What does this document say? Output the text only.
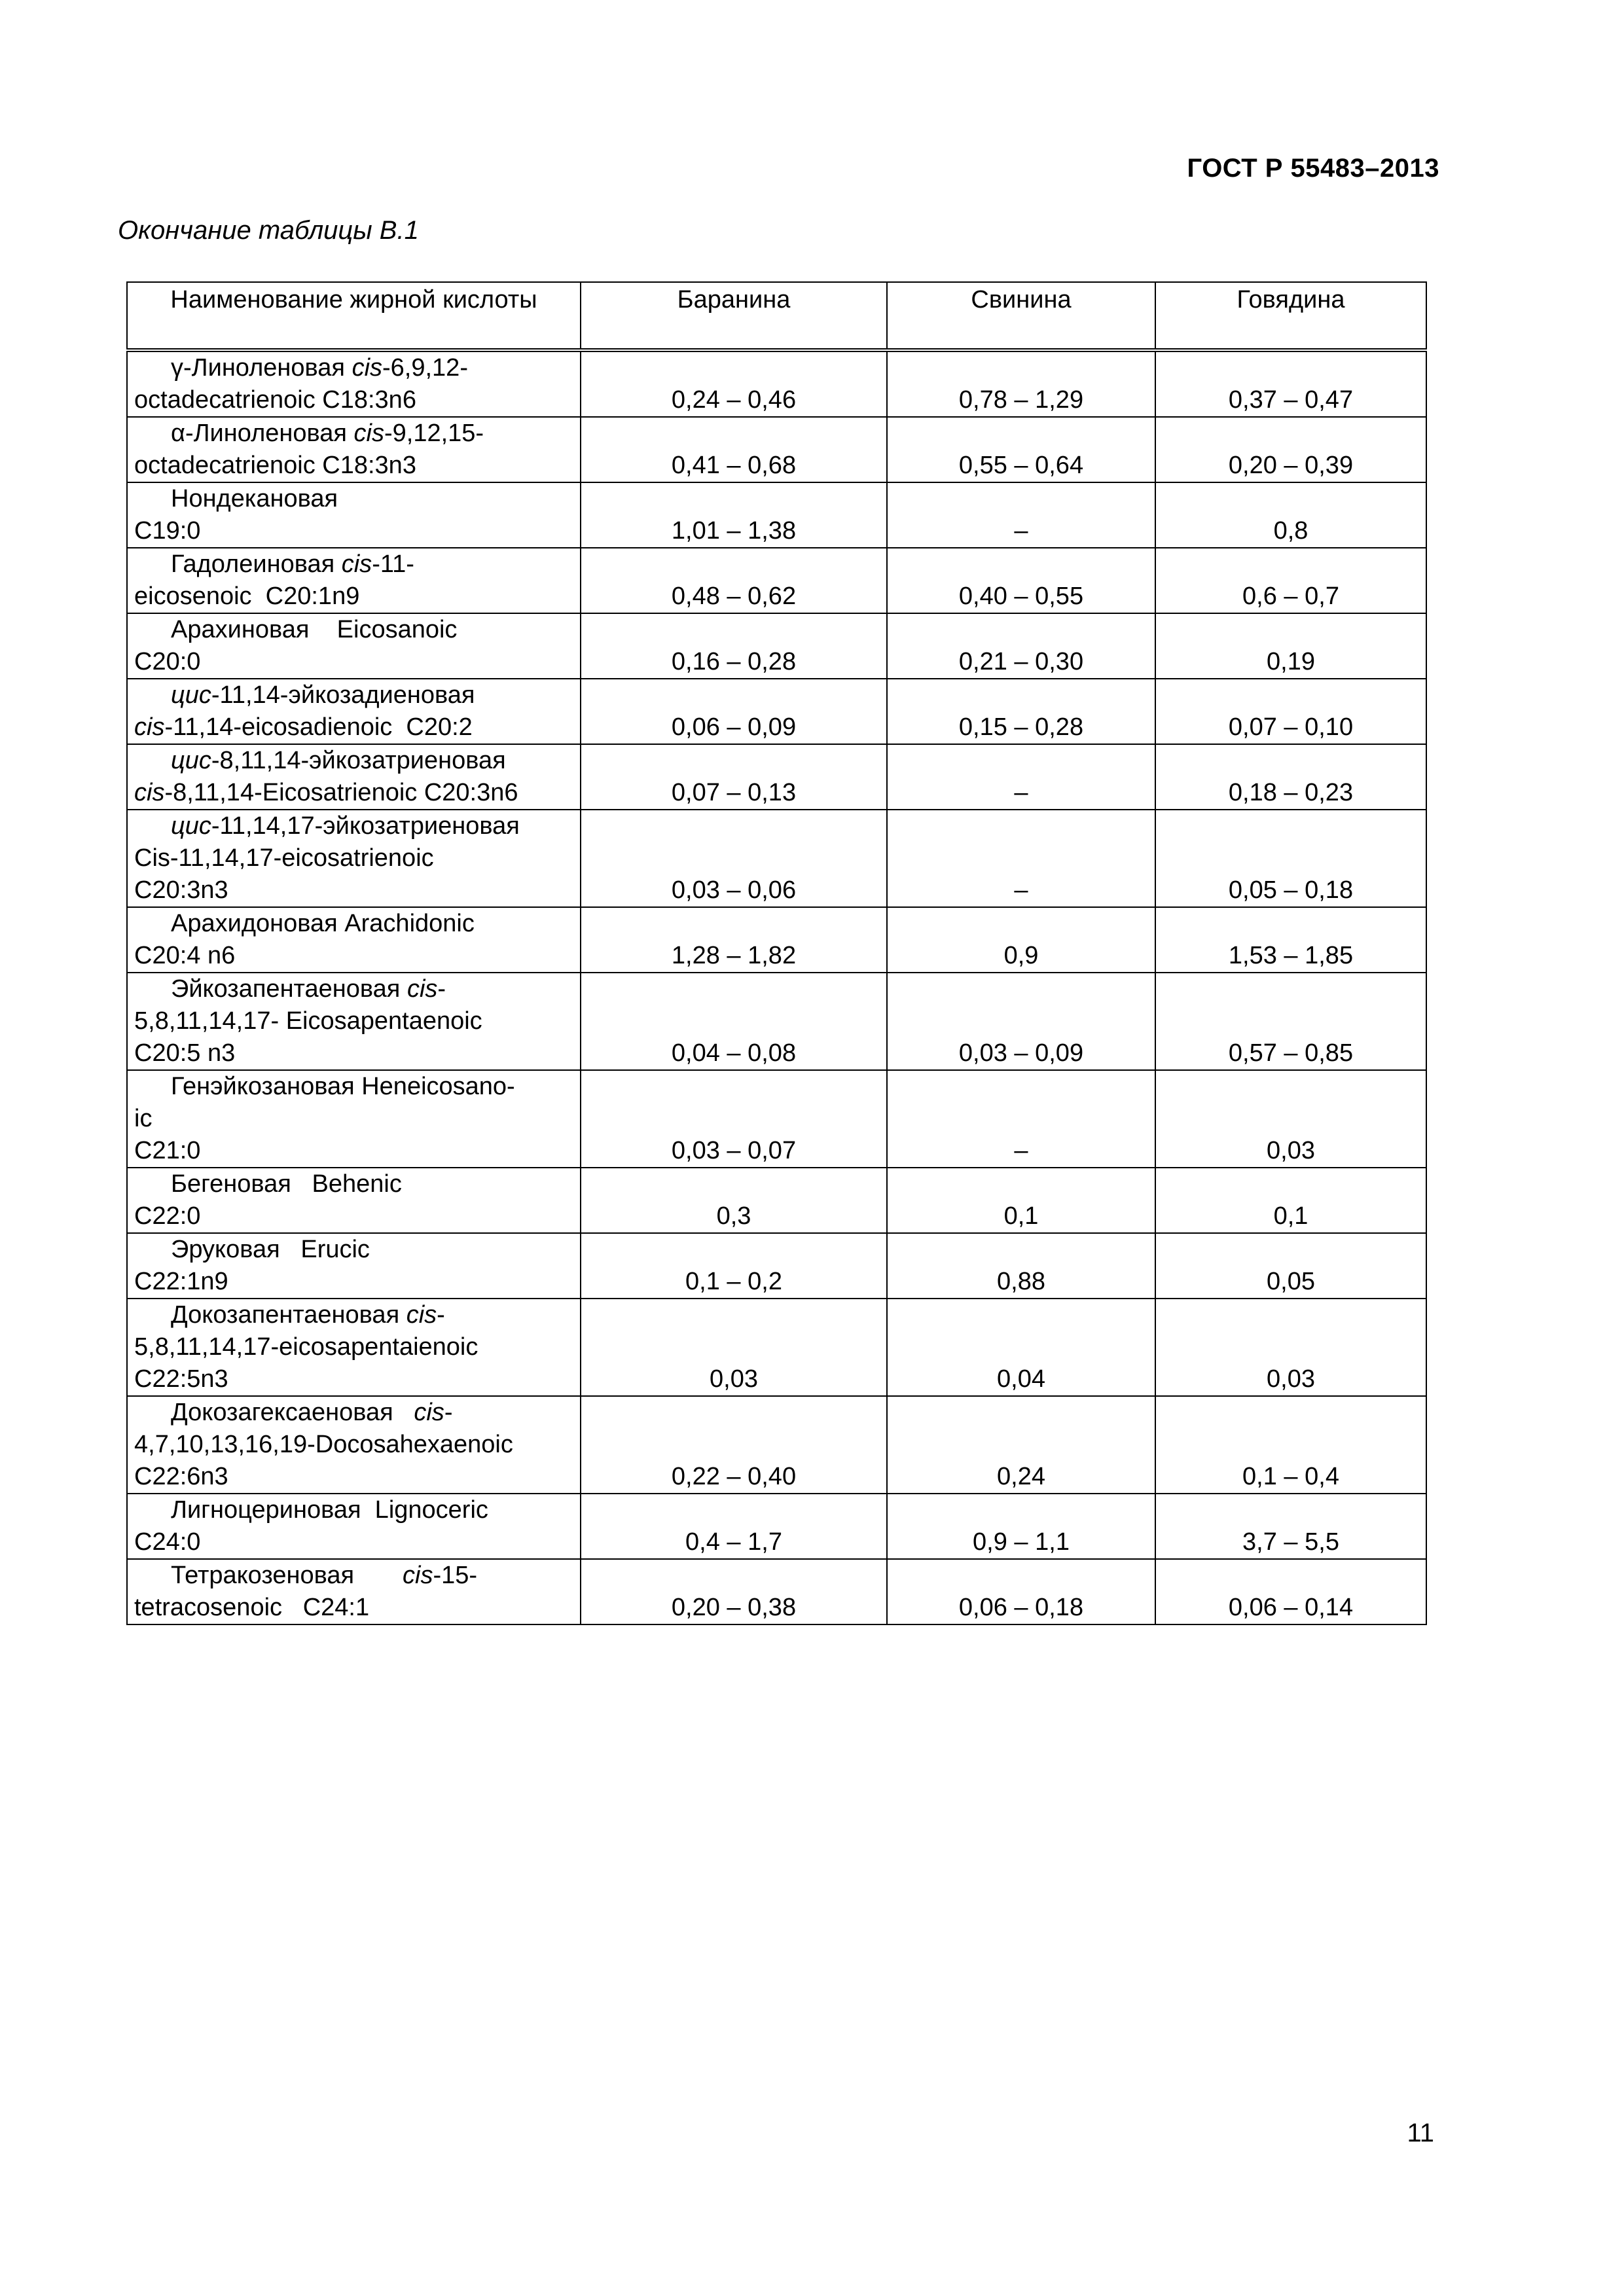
ГОСТ Р 55483–2013
Окончание таблицы В.1
Наименование жирной кислоты	Баранина	Свинина	Говядина

γ-Линоленовая cis-6,9,12-
octadecatrienoic С18:3n6	0,24 – 0,46	0,78 – 1,29	0,37 – 0,47

α-Линоленовая cis-9,12,15-
octadecatrienoic С18:3n3	0,41 – 0,68	0,55 – 0,64	0,20 – 0,39

Нондекановая
С19:0	1,01 – 1,38	–	0,8

Гадолеиновая cis-11-
eicosenoic  С20:1n9	0,48 – 0,62	0,40 – 0,55	0,6 – 0,7

Арахиновая    Eicosanoic
С20:0	0,16 – 0,28	0,21 – 0,30	0,19

цис-11,14-эйкозадиеновая
cis-11,14-eicosadienoic  С20:2	0,06 – 0,09	0,15 – 0,28	0,07 – 0,10

цис-8,11,14-эйкозатриеновая
cis-8,11,14-Eicosatrienoic С20:3n6	0,07 – 0,13	–	0,18 – 0,23

цис-11,14,17-эйкозатриеновая
Cis-11,14,17-eicosatrienoic
С20:3n3	0,03 – 0,06	–	0,05 – 0,18

Арахидоновая Arachidonic
С20:4 n6	1,28 – 1,82	0,9	1,53 – 1,85

Эйкозапентаеновая cis-
5,8,11,14,17- Eicosapentaenoic
С20:5 n3	0,04 – 0,08	0,03 – 0,09	0,57 – 0,85

Генэйкозановая Heneicosano-
ic
С21:0	0,03 – 0,07	–	0,03

Бегеновая   Behenic
С22:0	0,3	0,1	0,1

Эруковая   Erucic
С22:1n9	0,1 – 0,2	0,88	0,05

Докозапентаеновая cis-
5,8,11,14,17-eicosapentaienoic
С22:5n3	0,03	0,04	0,03

Докозагексаеновая   cis-
4,7,10,13,16,19-Docosahexaenoic
С22:6n3	0,22 – 0,40	0,24	0,1 – 0,4

Лигноцериновая  Lignoceric
С24:0	0,4 – 1,7	0,9 – 1,1	3,7 – 5,5

Тетракозеновая       cis-15-
tetracosenoic   С24:1	0,20 – 0,38	0,06 – 0,18	0,06 – 0,14
11
